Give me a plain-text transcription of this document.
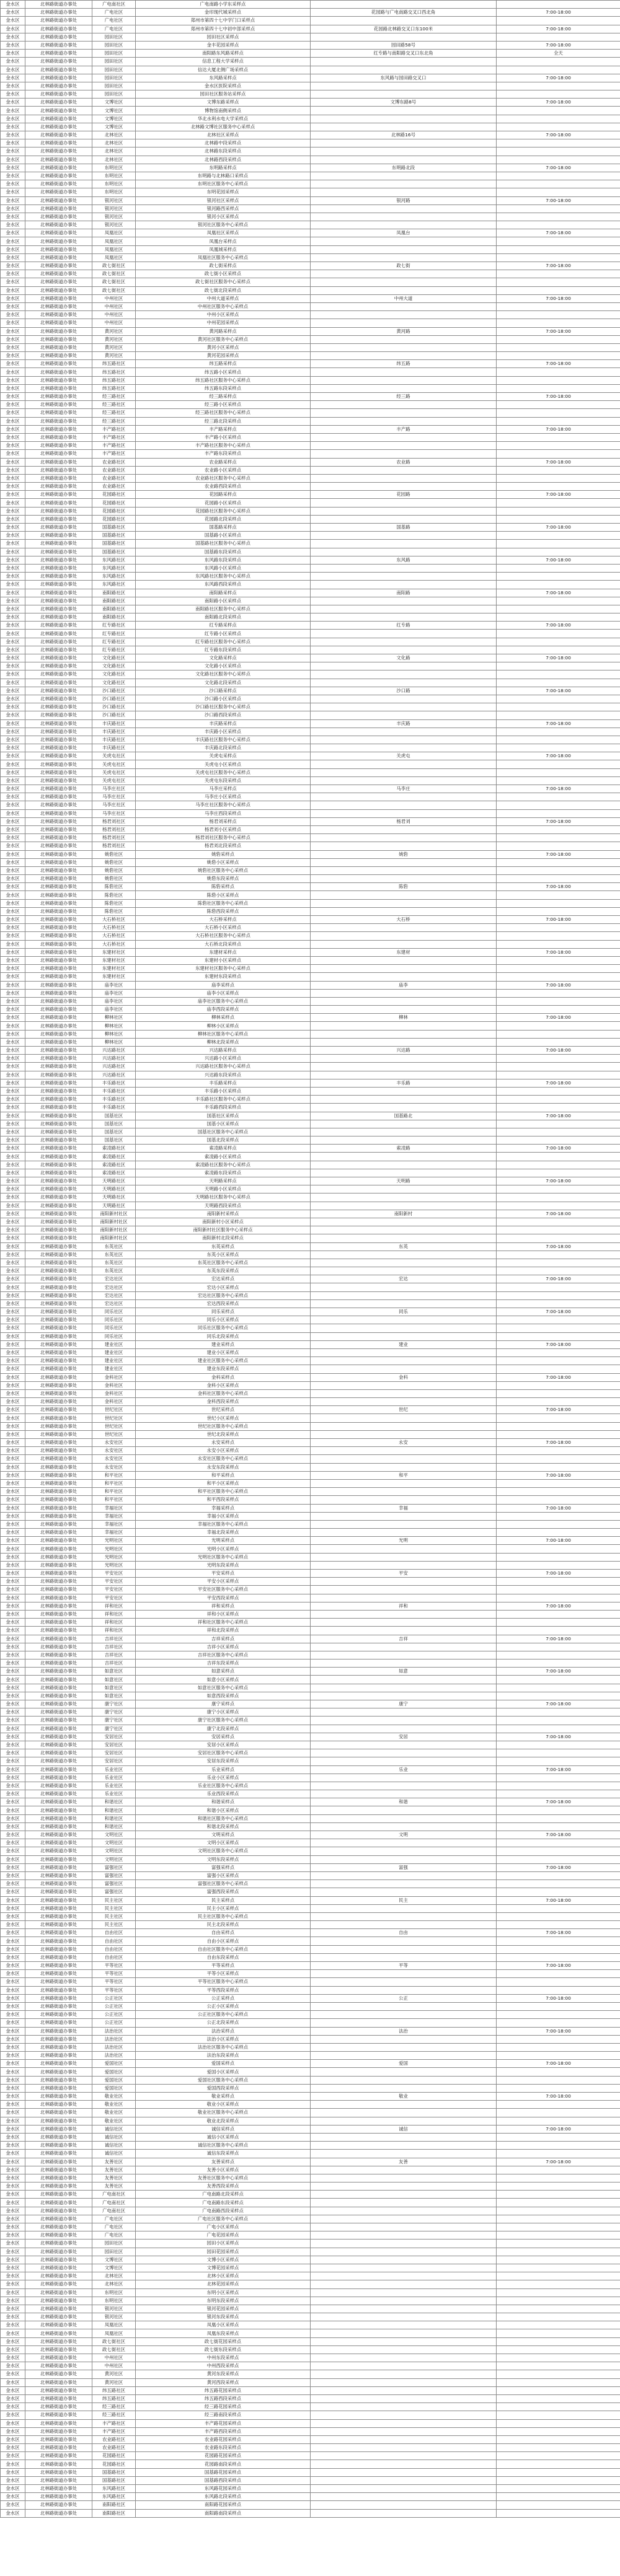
金水区	北林路街道办事处	广电南社区	广电南路小学东采样点		
金水区	北林路街道办事处	广电社区	金印现代城采样点	花园路与广电南路交叉口西北角	7:00-18:00
金水区	北林路街道办事处	广电社区	郑州市第四十七中学门口采样点		
金水区	北林路街道办事处	广电社区	郑州市第四十七中初中部采样点	花园路北林路交叉口东100米	7:00-18:00
金水区	北林路街道办事处	园田社区	园田社区采样点		
金水区	北林路街道办事处	园田社区	金丰花园采样点	园田路58号	7:00-18:00
金水区	北林路街道办事处	园田社区	南阳路东风路采样点	红专路与南阳路交叉口东北角	全天
金水区	北林路街道办事处	园田社区	信息工程大学采样点		
金水区	北林路街道办事处	园田社区	信达大厦北侧广场采样点		
金水区	北林路街道办事处	园田社区	东风路采样点	东风路与园田路交叉口	7:00-18:00
金水区	北林路街道办事处	园田社区	金水区医院采样点		
金水区	北林路街道办事处	园田社区	园田社区服务站采样点		
金水区	北林路街道办事处	文博社区	文博东路采样点	文博东路8号	7:00-18:00
金水区	北林路街道办事处	文博社区	博物馆南侧采样点		
金水区	北林路街道办事处	文博社区	华北水利水电大学采样点		
金水区	北林路街道办事处	文博社区	北林路文博社区服务中心采样点		
金水区	北林路街道办事处	北林社区	北林社区采样点	北林路16号	7:00-18:00
金水区	北林路街道办事处	北林社区	北林路中段采样点		
金水区	北林路街道办事处	北林社区	北林路东段采样点		
金水区	北林路街道办事处	北林社区	北林路西段采样点		
金水区	北林路街道办事处	东明社区	东明路采样点	东明路北段	7:00-18:00
金水区	北林路街道办事处	东明社区	东明路与北林路口采样点		
金水区	北林路街道办事处	东明社区	东明社区服务中心采样点		
金水区	北林路街道办事处	东明社区	东明花园采样点		
金水区	北林路街道办事处	银河社区	银河社区采样点	银河路	7:00-18:00
金水区	北林路街道办事处	银河社区	银河路西采样点		
金水区	北林路街道办事处	银河社区	银河小区采样点		
金水区	北林路街道办事处	银河社区	银河社区服务中心采样点		
金水区	北林路街道办事处	凤凰社区	凤凰社区采样点	凤凰台	7:00-18:00
金水区	北林路街道办事处	凤凰社区	凤凰台采样点		
金水区	北林路街道办事处	凤凰社区	凤凰城采样点		
金水区	北林路街道办事处	凤凰社区	凤凰社区服务中心采样点		
金水区	北林路街道办事处	政七街社区	政七街采样点	政七街	7:00-18:00
金水区	北林路街道办事处	政七街社区	政七街小区采样点		
金水区	北林路街道办事处	政七街社区	政七街社区服务中心采样点		
金水区	北林路街道办事处	政七街社区	政七街北段采样点		
金水区	北林路街道办事处	中州社区	中州大道采样点	中州大道	7:00-18:00
金水区	北林路街道办事处	中州社区	中州社区服务中心采样点		
金水区	北林路街道办事处	中州社区	中州小区采样点		
金水区	北林路街道办事处	中州社区	中州花园采样点		
金水区	北林路街道办事处	黄河社区	黄河路采样点	黄河路	7:00-18:00
金水区	北林路街道办事处	黄河社区	黄河社区服务中心采样点		
金水区	北林路街道办事处	黄河社区	黄河小区采样点		
金水区	北林路街道办事处	黄河社区	黄河花园采样点		
金水区	北林路街道办事处	纬五路社区	纬五路采样点	纬五路	7:00-18:00
金水区	北林路街道办事处	纬五路社区	纬五路小区采样点		
金水区	北林路街道办事处	纬五路社区	纬五路社区服务中心采样点		
金水区	北林路街道办事处	纬五路社区	纬五路东段采样点		
金水区	北林路街道办事处	经三路社区	经三路采样点	经三路	7:00-18:00
金水区	北林路街道办事处	经三路社区	经三路小区采样点		
金水区	北林路街道办事处	经三路社区	经三路社区服务中心采样点		
金水区	北林路街道办事处	经三路社区	经三路北段采样点		
金水区	北林路街道办事处	丰产路社区	丰产路采样点	丰产路	7:00-18:00
金水区	北林路街道办事处	丰产路社区	丰产路小区采样点		
金水区	北林路街道办事处	丰产路社区	丰产路社区服务中心采样点		
金水区	北林路街道办事处	丰产路社区	丰产路东段采样点		
金水区	北林路街道办事处	农业路社区	农业路采样点	农业路	7:00-18:00
金水区	北林路街道办事处	农业路社区	农业路小区采样点		
金水区	北林路街道办事处	农业路社区	农业路社区服务中心采样点		
金水区	北林路街道办事处	农业路社区	农业路西段采样点		
金水区	北林路街道办事处	花园路社区	花园路采样点	花园路	7:00-18:00
金水区	北林路街道办事处	花园路社区	花园路小区采样点		
金水区	北林路街道办事处	花园路社区	花园路社区服务中心采样点		
金水区	北林路街道办事处	花园路社区	花园路北段采样点		
金水区	北林路街道办事处	国基路社区	国基路采样点	国基路	7:00-18:00
金水区	北林路街道办事处	国基路社区	国基路小区采样点		
金水区	北林路街道办事处	国基路社区	国基路社区服务中心采样点		
金水区	北林路街道办事处	国基路社区	国基路东段采样点		
金水区	北林路街道办事处	东风路社区	东风路东段采样点	东风路	7:00-18:00
金水区	北林路街道办事处	东风路社区	东风路小区采样点		
金水区	北林路街道办事处	东风路社区	东风路社区服务中心采样点		
金水区	北林路街道办事处	东风路社区	东风路西段采样点		
金水区	北林路街道办事处	南阳路社区	南阳路采样点	南阳路	7:00-18:00
金水区	北林路街道办事处	南阳路社区	南阳路小区采样点		
金水区	北林路街道办事处	南阳路社区	南阳路社区服务中心采样点		
金水区	北林路街道办事处	南阳路社区	南阳路北段采样点		
金水区	北林路街道办事处	红专路社区	红专路采样点	红专路	7:00-18:00
金水区	北林路街道办事处	红专路社区	红专路小区采样点		
金水区	北林路街道办事处	红专路社区	红专路社区服务中心采样点		
金水区	北林路街道办事处	红专路社区	红专路东段采样点		
金水区	北林路街道办事处	文化路社区	文化路采样点	文化路	7:00-18:00
金水区	北林路街道办事处	文化路社区	文化路小区采样点		
金水区	北林路街道办事处	文化路社区	文化路社区服务中心采样点		
金水区	北林路街道办事处	文化路社区	文化路北段采样点		
金水区	北林路街道办事处	沙口路社区	沙口路采样点	沙口路	7:00-18:00
金水区	北林路街道办事处	沙口路社区	沙口路小区采样点		
金水区	北林路街道办事处	沙口路社区	沙口路社区服务中心采样点		
金水区	北林路街道办事处	沙口路社区	沙口路西段采样点		
金水区	北林路街道办事处	丰庆路社区	丰庆路采样点	丰庆路	7:00-18:00
金水区	北林路街道办事处	丰庆路社区	丰庆路小区采样点		
金水区	北林路街道办事处	丰庆路社区	丰庆路社区服务中心采样点		
金水区	北林路街道办事处	丰庆路社区	丰庆路北段采样点		
金水区	北林路街道办事处	关虎屯社区	关虎屯采样点	关虎屯	7:00-18:00
金水区	北林路街道办事处	关虎屯社区	关虎屯小区采样点		
金水区	北林路街道办事处	关虎屯社区	关虎屯社区服务中心采样点		
金水区	北林路街道办事处	关虎屯社区	关虎屯东段采样点		
金水区	北林路街道办事处	马李庄社区	马李庄采样点	马李庄	7:00-18:00
金水区	北林路街道办事处	马李庄社区	马李庄小区采样点		
金水区	北林路街道办事处	马李庄社区	马李庄社区服务中心采样点		
金水区	北林路街道办事处	马李庄社区	马李庄西段采样点		
金水区	北林路街道办事处	杨君刘社区	杨君刘采样点	杨君刘	7:00-18:00
金水区	北林路街道办事处	杨君刘社区	杨君刘小区采样点		
金水区	北林路街道办事处	杨君刘社区	杨君刘社区服务中心采样点		
金水区	北林路街道办事处	杨君刘社区	杨君刘北段采样点		
金水区	北林路街道办事处	姚砦社区	姚砦采样点	姚砦	7:00-18:00
金水区	北林路街道办事处	姚砦社区	姚砦小区采样点		
金水区	北林路街道办事处	姚砦社区	姚砦社区服务中心采样点		
金水区	北林路街道办事处	姚砦社区	姚砦东段采样点		
金水区	北林路街道办事处	陈砦社区	陈砦采样点	陈砦	7:00-18:00
金水区	北林路街道办事处	陈砦社区	陈砦小区采样点		
金水区	北林路街道办事处	陈砦社区	陈砦社区服务中心采样点		
金水区	北林路街道办事处	陈砦社区	陈砦西段采样点		
金水区	北林路街道办事处	大石桥社区	大石桥采样点	大石桥	7:00-18:00
金水区	北林路街道办事处	大石桥社区	大石桥小区采样点		
金水区	北林路街道办事处	大石桥社区	大石桥社区服务中心采样点		
金水区	北林路街道办事处	大石桥社区	大石桥北段采样点		
金水区	北林路街道办事处	东建材社区	东建材采样点	东建材	7:00-18:00
金水区	北林路街道办事处	东建材社区	东建材小区采样点		
金水区	北林路街道办事处	东建材社区	东建材社区服务中心采样点		
金水区	北林路街道办事处	东建材社区	东建材东段采样点		
金水区	北林路街道办事处	庙李社区	庙李采样点	庙李	7:00-18:00
金水区	北林路街道办事处	庙李社区	庙李小区采样点		
金水区	北林路街道办事处	庙李社区	庙李社区服务中心采样点		
金水区	北林路街道办事处	庙李社区	庙李西段采样点		
金水区	北林路街道办事处	柳林社区	柳林采样点	柳林	7:00-18:00
金水区	北林路街道办事处	柳林社区	柳林小区采样点		
金水区	北林路街道办事处	柳林社区	柳林社区服务中心采样点		
金水区	北林路街道办事处	柳林社区	柳林北段采样点		
金水区	北林路街道办事处	兴达路社区	兴达路采样点	兴达路	7:00-18:00
金水区	北林路街道办事处	兴达路社区	兴达路小区采样点		
金水区	北林路街道办事处	兴达路社区	兴达路社区服务中心采样点		
金水区	北林路街道办事处	兴达路社区	兴达路东段采样点		
金水区	北林路街道办事处	丰乐路社区	丰乐路采样点	丰乐路	7:00-18:00
金水区	北林路街道办事处	丰乐路社区	丰乐路小区采样点		
金水区	北林路街道办事处	丰乐路社区	丰乐路社区服务中心采样点		
金水区	北林路街道办事处	丰乐路社区	丰乐路西段采样点		
金水区	北林路街道办事处	国基社区	国基社区采样点	国基路北	7:00-18:00
金水区	北林路街道办事处	国基社区	国基小区采样点		
金水区	北林路街道办事处	国基社区	国基社区服务中心采样点		
金水区	北林路街道办事处	国基社区	国基北段采样点		
金水区	北林路街道办事处	索凌路社区	索凌路采样点	索凌路	7:00-18:00
金水区	北林路街道办事处	索凌路社区	索凌路小区采样点		
金水区	北林路街道办事处	索凌路社区	索凌路社区服务中心采样点		
金水区	北林路街道办事处	索凌路社区	索凌路东段采样点		
金水区	北林路街道办事处	天明路社区	天明路采样点	天明路	7:00-18:00
金水区	北林路街道办事处	天明路社区	天明路小区采样点		
金水区	北林路街道办事处	天明路社区	天明路社区服务中心采样点		
金水区	北林路街道办事处	天明路社区	天明路西段采样点		
金水区	北林路街道办事处	南阳新村社区	南阳新村采样点	南阳新村	7:00-18:00
金水区	北林路街道办事处	南阳新村社区	南阳新村小区采样点		
金水区	北林路街道办事处	南阳新村社区	南阳新村社区服务中心采样点		
金水区	北林路街道办事处	南阳新村社区	南阳新村北段采样点		
金水区	北林路街道办事处	东英社区	东英采样点	东英	7:00-18:00
金水区	北林路街道办事处	东英社区	东英小区采样点		
金水区	北林路街道办事处	东英社区	东英社区服务中心采样点		
金水区	北林路街道办事处	东英社区	东英东段采样点		
金水区	北林路街道办事处	宏达社区	宏达采样点	宏达	7:00-18:00
金水区	北林路街道办事处	宏达社区	宏达小区采样点		
金水区	北林路街道办事处	宏达社区	宏达社区服务中心采样点		
金水区	北林路街道办事处	宏达社区	宏达西段采样点		
金水区	北林路街道办事处	同乐社区	同乐采样点	同乐	7:00-18:00
金水区	北林路街道办事处	同乐社区	同乐小区采样点		
金水区	北林路街道办事处	同乐社区	同乐社区服务中心采样点		
金水区	北林路街道办事处	同乐社区	同乐北段采样点		
金水区	北林路街道办事处	建业社区	建业采样点	建业	7:00-18:00
金水区	北林路街道办事处	建业社区	建业小区采样点		
金水区	北林路街道办事处	建业社区	建业社区服务中心采样点		
金水区	北林路街道办事处	建业社区	建业东段采样点		
金水区	北林路街道办事处	金科社区	金科采样点	金科	7:00-18:00
金水区	北林路街道办事处	金科社区	金科小区采样点		
金水区	北林路街道办事处	金科社区	金科社区服务中心采样点		
金水区	北林路街道办事处	金科社区	金科西段采样点		
金水区	北林路街道办事处	世纪社区	世纪采样点	世纪	7:00-18:00
金水区	北林路街道办事处	世纪社区	世纪小区采样点		
金水区	北林路街道办事处	世纪社区	世纪社区服务中心采样点		
金水区	北林路街道办事处	世纪社区	世纪北段采样点		
金水区	北林路街道办事处	永安社区	永安采样点	永安	7:00-18:00
金水区	北林路街道办事处	永安社区	永安小区采样点		
金水区	北林路街道办事处	永安社区	永安社区服务中心采样点		
金水区	北林路街道办事处	永安社区	永安东段采样点		
金水区	北林路街道办事处	和平社区	和平采样点	和平	7:00-18:00
金水区	北林路街道办事处	和平社区	和平小区采样点		
金水区	北林路街道办事处	和平社区	和平社区服务中心采样点		
金水区	北林路街道办事处	和平社区	和平西段采样点		
金水区	北林路街道办事处	幸福社区	幸福采样点	幸福	7:00-18:00
金水区	北林路街道办事处	幸福社区	幸福小区采样点		
金水区	北林路街道办事处	幸福社区	幸福社区服务中心采样点		
金水区	北林路街道办事处	幸福社区	幸福北段采样点		
金水区	北林路街道办事处	光明社区	光明采样点	光明	7:00-18:00
金水区	北林路街道办事处	光明社区	光明小区采样点		
金水区	北林路街道办事处	光明社区	光明社区服务中心采样点		
金水区	北林路街道办事处	光明社区	光明东段采样点		
金水区	北林路街道办事处	平安社区	平安采样点	平安	7:00-18:00
金水区	北林路街道办事处	平安社区	平安小区采样点		
金水区	北林路街道办事处	平安社区	平安社区服务中心采样点		
金水区	北林路街道办事处	平安社区	平安西段采样点		
金水区	北林路街道办事处	祥和社区	祥和采样点	祥和	7:00-18:00
金水区	北林路街道办事处	祥和社区	祥和小区采样点		
金水区	北林路街道办事处	祥和社区	祥和社区服务中心采样点		
金水区	北林路街道办事处	祥和社区	祥和北段采样点		
金水区	北林路街道办事处	吉祥社区	吉祥采样点	吉祥	7:00-18:00
金水区	北林路街道办事处	吉祥社区	吉祥小区采样点		
金水区	北林路街道办事处	吉祥社区	吉祥社区服务中心采样点		
金水区	北林路街道办事处	吉祥社区	吉祥东段采样点		
金水区	北林路街道办事处	如意社区	如意采样点	如意	7:00-18:00
金水区	北林路街道办事处	如意社区	如意小区采样点		
金水区	北林路街道办事处	如意社区	如意社区服务中心采样点		
金水区	北林路街道办事处	如意社区	如意西段采样点		
金水区	北林路街道办事处	康宁社区	康宁采样点	康宁	7:00-18:00
金水区	北林路街道办事处	康宁社区	康宁小区采样点		
金水区	北林路街道办事处	康宁社区	康宁社区服务中心采样点		
金水区	北林路街道办事处	康宁社区	康宁北段采样点		
金水区	北林路街道办事处	安居社区	安居采样点	安居	7:00-18:00
金水区	北林路街道办事处	安居社区	安居小区采样点		
金水区	北林路街道办事处	安居社区	安居社区服务中心采样点		
金水区	北林路街道办事处	安居社区	安居东段采样点		
金水区	北林路街道办事处	乐业社区	乐业采样点	乐业	7:00-18:00
金水区	北林路街道办事处	乐业社区	乐业小区采样点		
金水区	北林路街道办事处	乐业社区	乐业社区服务中心采样点		
金水区	北林路街道办事处	乐业社区	乐业西段采样点		
金水区	北林路街道办事处	和谐社区	和谐采样点	和谐	7:00-18:00
金水区	北林路街道办事处	和谐社区	和谐小区采样点		
金水区	北林路街道办事处	和谐社区	和谐社区服务中心采样点		
金水区	北林路街道办事处	和谐社区	和谐北段采样点		
金水区	北林路街道办事处	文明社区	文明采样点	文明	7:00-18:00
金水区	北林路街道办事处	文明社区	文明小区采样点		
金水区	北林路街道办事处	文明社区	文明社区服务中心采样点		
金水区	北林路街道办事处	文明社区	文明东段采样点		
金水区	北林路街道办事处	富强社区	富强采样点	富强	7:00-18:00
金水区	北林路街道办事处	富强社区	富强小区采样点		
金水区	北林路街道办事处	富强社区	富强社区服务中心采样点		
金水区	北林路街道办事处	富强社区	富强西段采样点		
金水区	北林路街道办事处	民主社区	民主采样点	民主	7:00-18:00
金水区	北林路街道办事处	民主社区	民主小区采样点		
金水区	北林路街道办事处	民主社区	民主社区服务中心采样点		
金水区	北林路街道办事处	民主社区	民主北段采样点		
金水区	北林路街道办事处	自由社区	自由采样点	自由	7:00-18:00
金水区	北林路街道办事处	自由社区	自由小区采样点		
金水区	北林路街道办事处	自由社区	自由社区服务中心采样点		
金水区	北林路街道办事处	自由社区	自由东段采样点		
金水区	北林路街道办事处	平等社区	平等采样点	平等	7:00-18:00
金水区	北林路街道办事处	平等社区	平等小区采样点		
金水区	北林路街道办事处	平等社区	平等社区服务中心采样点		
金水区	北林路街道办事处	平等社区	平等西段采样点		
金水区	北林路街道办事处	公正社区	公正采样点	公正	7:00-18:00
金水区	北林路街道办事处	公正社区	公正小区采样点		
金水区	北林路街道办事处	公正社区	公正社区服务中心采样点		
金水区	北林路街道办事处	公正社区	公正北段采样点		
金水区	北林路街道办事处	法治社区	法治采样点	法治	7:00-18:00
金水区	北林路街道办事处	法治社区	法治小区采样点		
金水区	北林路街道办事处	法治社区	法治社区服务中心采样点		
金水区	北林路街道办事处	法治社区	法治东段采样点		
金水区	北林路街道办事处	爱国社区	爱国采样点	爱国	7:00-18:00
金水区	北林路街道办事处	爱国社区	爱国小区采样点		
金水区	北林路街道办事处	爱国社区	爱国社区服务中心采样点		
金水区	北林路街道办事处	爱国社区	爱国西段采样点		
金水区	北林路街道办事处	敬业社区	敬业采样点	敬业	7:00-18:00
金水区	北林路街道办事处	敬业社区	敬业小区采样点		
金水区	北林路街道办事处	敬业社区	敬业社区服务中心采样点		
金水区	北林路街道办事处	敬业社区	敬业北段采样点		
金水区	北林路街道办事处	诚信社区	诚信采样点	诚信	7:00-18:00
金水区	北林路街道办事处	诚信社区	诚信小区采样点		
金水区	北林路街道办事处	诚信社区	诚信社区服务中心采样点		
金水区	北林路街道办事处	诚信社区	诚信东段采样点		
金水区	北林路街道办事处	友善社区	友善采样点	友善	7:00-18:00
金水区	北林路街道办事处	友善社区	友善小区采样点		
金水区	北林路街道办事处	友善社区	友善社区服务中心采样点		
金水区	北林路街道办事处	友善社区	友善西段采样点		
金水区	北林路街道办事处	广电南社区	广电南路北段采样点		
金水区	北林路街道办事处	广电南社区	广电南路东段采样点		
金水区	北林路街道办事处	广电南社区	广电南路西段采样点		
金水区	北林路街道办事处	广电社区	广电社区服务中心采样点		
金水区	北林路街道办事处	广电社区	广电小区采样点		
金水区	北林路街道办事处	广电社区	广电花园采样点		
金水区	北林路街道办事处	园田社区	园田小区采样点		
金水区	北林路街道办事处	园田社区	园田花园采样点		
金水区	北林路街道办事处	文博社区	文博小区采样点		
金水区	北林路街道办事处	文博社区	文博花园采样点		
金水区	北林路街道办事处	北林社区	北林小区采样点		
金水区	北林路街道办事处	北林社区	北林花园采样点		
金水区	北林路街道办事处	东明社区	东明小区采样点		
金水区	北林路街道办事处	东明社区	东明东段采样点		
金水区	北林路街道办事处	银河社区	银河花园采样点		
金水区	北林路街道办事处	银河社区	银河东段采样点		
金水区	北林路街道办事处	凤凰社区	凤凰小区采样点		
金水区	北林路街道办事处	凤凰社区	凤凰东段采样点		
金水区	北林路街道办事处	政七街社区	政七街花园采样点		
金水区	北林路街道办事处	政七街社区	政七街东段采样点		
金水区	北林路街道办事处	中州社区	中州东段采样点		
金水区	北林路街道办事处	中州社区	中州西段采样点		
金水区	北林路街道办事处	黄河社区	黄河东段采样点		
金水区	北林路街道办事处	黄河社区	黄河西段采样点		
金水区	北林路街道办事处	纬五路社区	纬五路花园采样点		
金水区	北林路街道办事处	纬五路社区	纬五路西段采样点		
金水区	北林路街道办事处	经三路社区	经三路花园采样点		
金水区	北林路街道办事处	经三路社区	经三路南段采样点		
金水区	北林路街道办事处	丰产路社区	丰产路花园采样点		
金水区	北林路街道办事处	丰产路社区	丰产路西段采样点		
金水区	北林路街道办事处	农业路社区	农业路花园采样点		
金水区	北林路街道办事处	农业路社区	农业路东段采样点		
金水区	北林路街道办事处	花园路社区	花园路花园采样点		
金水区	北林路街道办事处	花园路社区	花园路南段采样点		
金水区	北林路街道办事处	国基路社区	国基路花园采样点		
金水区	北林路街道办事处	国基路社区	国基路西段采样点		
金水区	北林路街道办事处	东风路社区	东风路花园采样点		
金水区	北林路街道办事处	东风路社区	东风路北段采样点		
金水区	北林路街道办事处	南阳路社区	南阳路花园采样点		
金水区	北林路街道办事处	南阳路社区	南阳路南段采样点		
